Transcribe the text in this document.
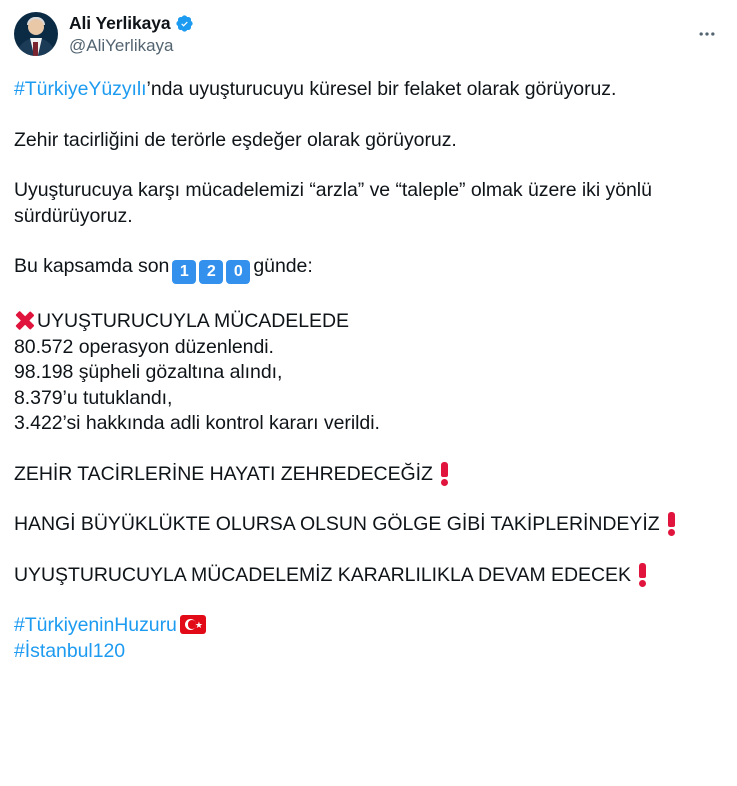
Ali Yerlikaya
@AliYerlikaya

#TürkiyeYüzyılı’nda uyuşturucuyu küresel bir felaket olarak görüyoruz.

Zehir tacirliğini de terörle eşdeğer olarak görüyoruz.

Uyuşturucuya karşı mücadelemizi “arzla” ve “taleple” olmak üzere iki yönlü sürdürüyoruz.

Bu kapsamda son 1	2	0 günde:

UYUŞTURUCUYLA MÜCADELEDE

80.572 operasyon düzenlendi.

98.198 şüpheli gözaltına alındı,

8.379’u tutuklandı,

3.422’si hakkında adli kontrol kararı verildi.

ZEHİR TACİRLERİNE HAYATI ZEHREDECEĞİZ

HANGİ BÜYÜKLÜKTE OLURSA OLSUN GÖLGE GİBİ TAKİPLERİNDEYİZ

UYUŞTURUCUYLA MÜCADELEMİZ KARARLILIKLA DEVAM EDECEK

#TürkiyeninHuzuru ★

#İstanbul120
